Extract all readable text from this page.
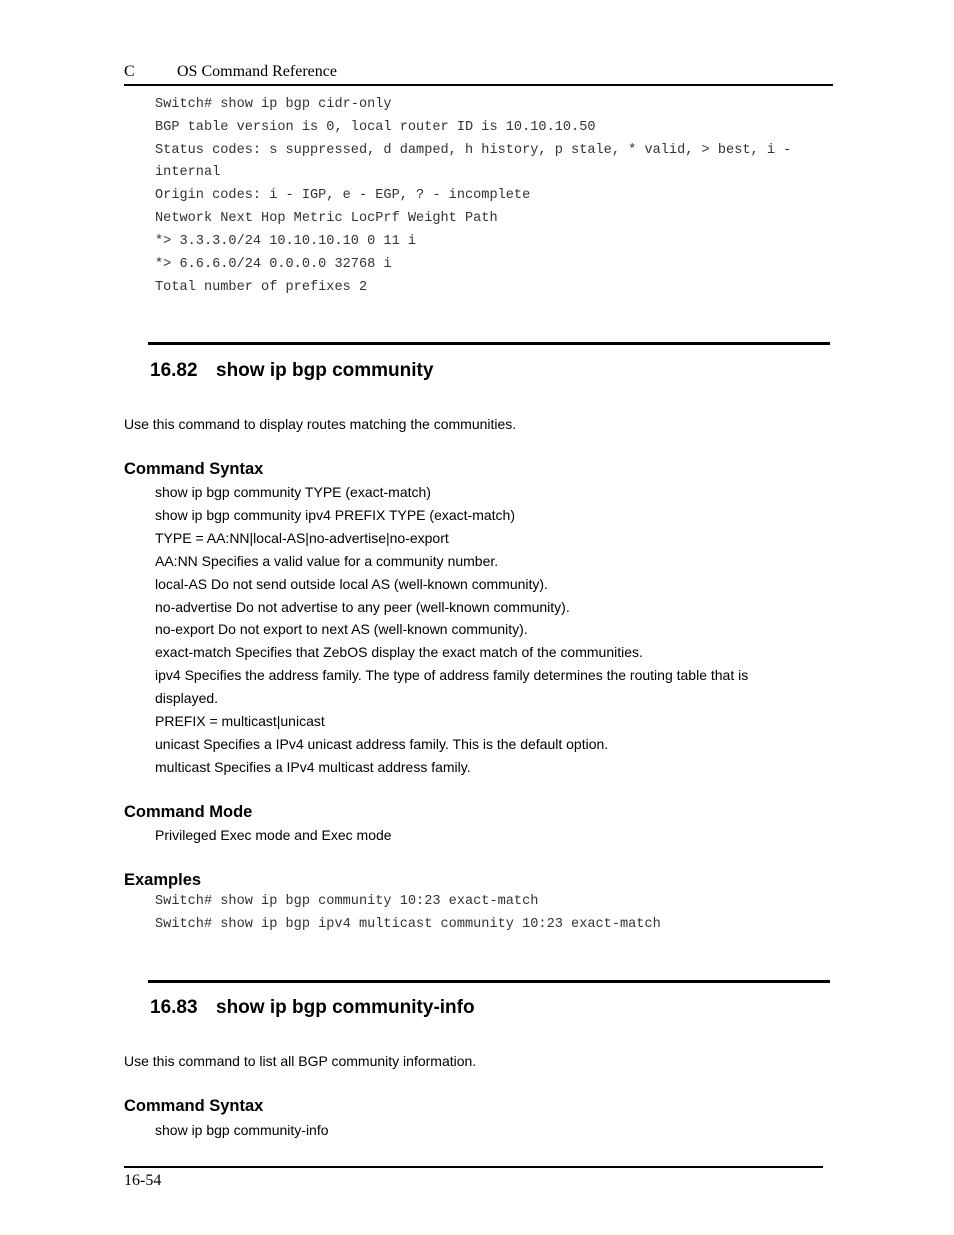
C	OS Command Reference
Switch# show ip bgp cidr-only
BGP table version is 0, local router ID is 10.10.10.50
Status codes: s suppressed, d damped, h history, p stale, * valid, > best, i -
internal
Origin codes: i - IGP, e - EGP, ? - incomplete
Network Next Hop Metric LocPrf Weight Path
*> 3.3.3.0/24 10.10.10.10 0 11 i
*> 6.6.6.0/24 0.0.0.0 32768 i
Total number of prefixes 2
16.82 show ip bgp community
Use this command to display routes matching the communities.
Command Syntax
show ip bgp community TYPE (exact-match)
show ip bgp community ipv4 PREFIX TYPE (exact-match)
TYPE = AA:NN|local-AS|no-advertise|no-export
AA:NN Specifies a valid value for a community number.
local-AS Do not send outside local AS (well-known community).
no-advertise Do not advertise to any peer (well-known community).
no-export Do not export to next AS (well-known community).
exact-match Specifies that ZebOS display the exact match of the communities.
ipv4 Specifies the address family. The type of address family determines the routing table that is
displayed.
PREFIX = multicast|unicast
unicast Specifies a IPv4 unicast address family. This is the default option.
multicast Specifies a IPv4 multicast address family.
Command Mode
Privileged Exec mode and Exec mode
Examples
Switch# show ip bgp community 10:23 exact-match
Switch# show ip bgp ipv4 multicast community 10:23 exact-match
16.83 show ip bgp community-info
Use this command to list all BGP community information.
Command Syntax
show ip bgp community-info
16-54
